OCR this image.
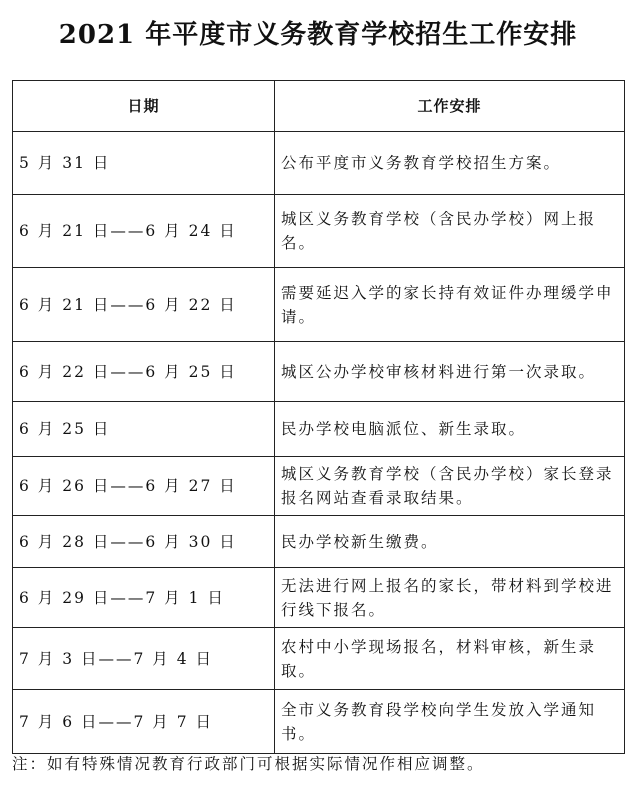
2021 年平度市义务教育学校招生工作安排
日期	工作安排
5 月 31 日	公布平度市义务教育学校招生方案。
6 月 21 日——6 月 24 日	城区义务教育学校（含民办学校）网上报名。
6 月 21 日——6 月 22 日	需要延迟入学的家长持有效证件办理缓学申请。
6 月 22 日——6 月 25 日	城区公办学校审核材料进行第一次录取。
6 月 25 日	民办学校电脑派位、新生录取。
6 月 26 日——6 月 27 日	城区义务教育学校（含民办学校）家长登录报名网站查看录取结果。
6 月 28 日——6 月 30 日	民办学校新生缴费。
6 月 29 日——7 月 1 日	无法进行网上报名的家长，带材料到学校进行线下报名。
7 月 3 日——7 月 4 日	农村中小学现场报名，材料审核，新生录取。
7 月 6 日——7 月 7 日	全市义务教育段学校向学生发放入学通知书。
注：如有特殊情况教育行政部门可根据实际情况作相应调整。
